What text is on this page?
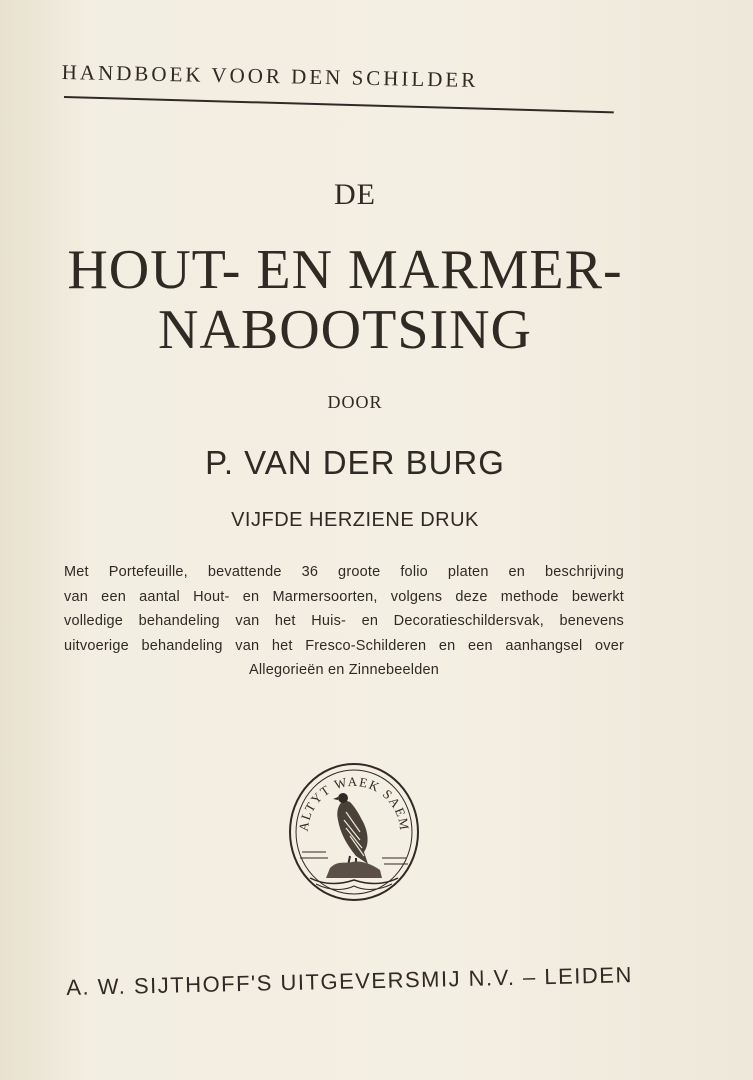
HANDBOEK VOOR DEN SCHILDER
DE
HOUT- EN MARMER-
NABOOTSING
DOOR
P. VAN DER BURG
VIJFDE HERZIENE DRUK
Met Portefeuille, bevattende 36 groote folio platen en beschrijving
van een aantal Hout- en Marmersoorten, volgens deze methode bewerkt
volledige behandeling van het Huis- en Decoratieschildersvak, benevens
uitvoerige behandeling van het Fresco-Schilderen en een aanhangsel over
Allegorieën en Zinnebeelden
ALTYT WAEK SAEM
A. W. SIJTHOFF'S UITGEVERSMIJ N.V. – LEIDEN
